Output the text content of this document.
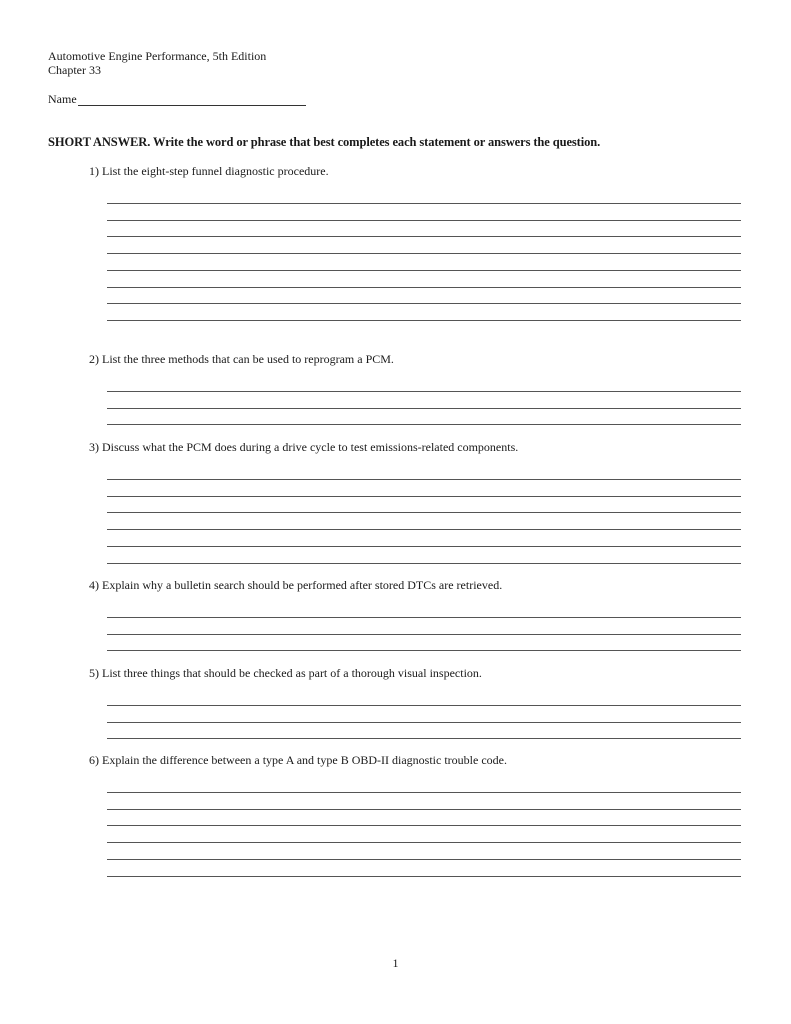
Automotive Engine Performance, 5th Edition
Chapter 33
Name
SHORT ANSWER. Write the word or phrase that best completes each statement or answers the question.
1) List the eight-step funnel diagnostic procedure.
2) List the three methods that can be used to reprogram a PCM.
3) Discuss what the PCM does during a drive cycle to test emissions-related components.
4) Explain why a bulletin search should be performed after stored DTCs are retrieved.
5) List three things that should be checked as part of a thorough visual inspection.
6) Explain the difference between a type A and type B OBD-II diagnostic trouble code.
1
